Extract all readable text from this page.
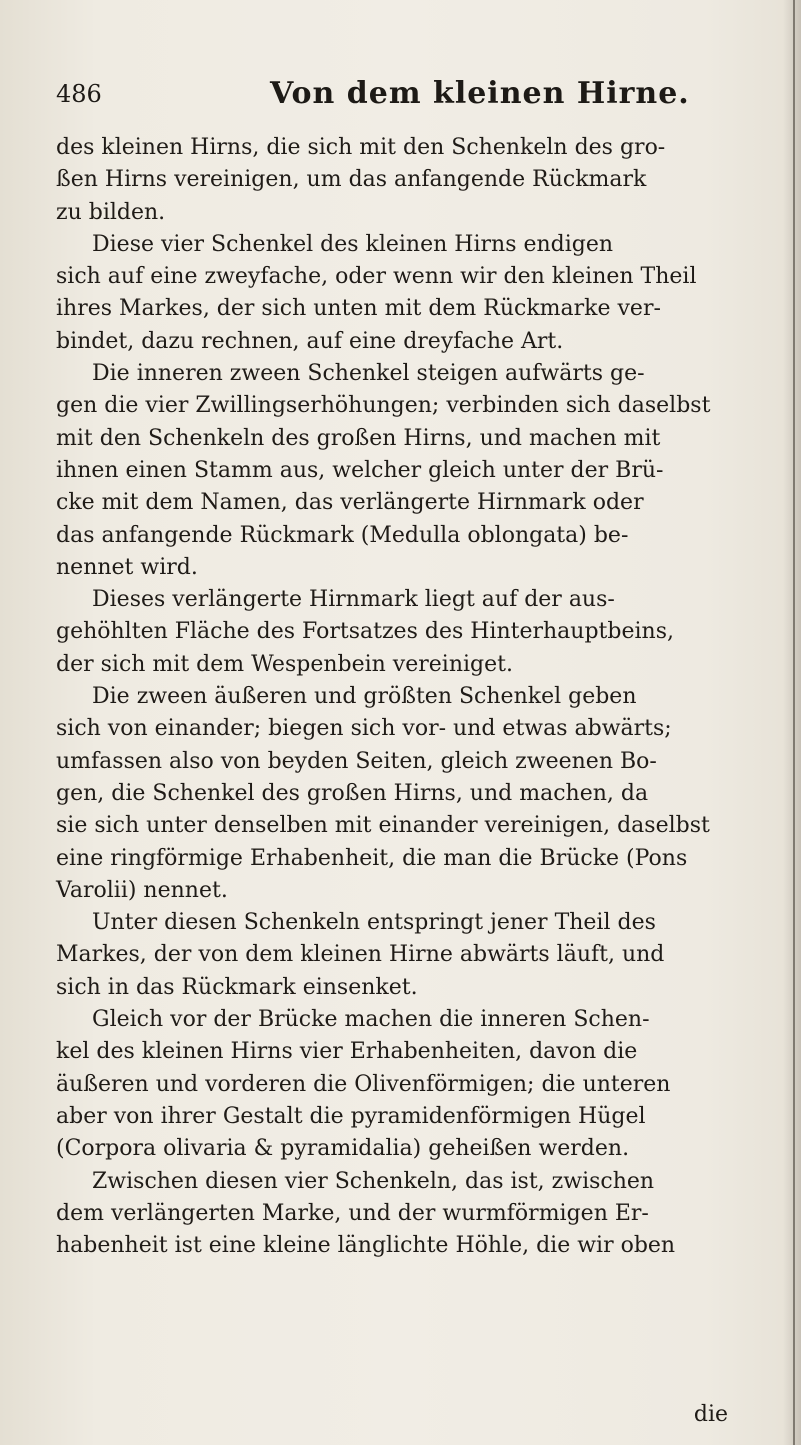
486	Von dem kleinen Hirne.
des kleinen Hirns, die sich mit den Schenkeln des gro-
ßen Hirns vereinigen, um das anfangende Rückmark
zu bilden.
Diese vier Schenkel des kleinen Hirns endigen
sich auf eine zweyfache, oder wenn wir den kleinen Theil
ihres Markes, der sich unten mit dem Rückmarke ver-
bindet, dazu rechnen, auf eine dreyfache Art.
Die inneren zween Schenkel steigen aufwärts ge-
gen die vier Zwillingserhöhungen; verbinden sich daselbst
mit den Schenkeln des großen Hirns, und machen mit
ihnen einen Stamm aus, welcher gleich unter der Brü-
cke mit dem Namen, das verlängerte Hirnmark oder
das anfangende Rückmark (Medulla oblongata) be-
nennet wird.
Dieses verlängerte Hirnmark liegt auf der aus-
gehöhlten Fläche des Fortsatzes des Hinterhauptbeins,
der sich mit dem Wespenbein vereiniget.
Die zween äußeren und größten Schenkel geben
sich von einander; biegen sich vor- und etwas abwärts;
umfassen also von beyden Seiten, gleich zweenen Bo-
gen, die Schenkel des großen Hirns, und machen, da
sie sich unter denselben mit einander vereinigen, daselbst
eine ringförmige Erhabenheit, die man die Brücke (Pons
Varolii) nennet.
Unter diesen Schenkeln entspringt jener Theil des
Markes, der von dem kleinen Hirne abwärts läuft, und
sich in das Rückmark einsenket.
Gleich vor der Brücke machen die inneren Schen-
kel des kleinen Hirns vier Erhabenheiten, davon die
äußeren und vorderen die Olivenförmigen; die unteren
aber von ihrer Gestalt die pyramidenförmigen Hügel
(Corpora olivaria & pyramidalia) geheißen werden.
Zwischen diesen vier Schenkeln, das ist, zwischen
dem verlängerten Marke, und der wurmförmigen Er-
habenheit ist eine kleine länglichte Höhle, die wir oben
die
